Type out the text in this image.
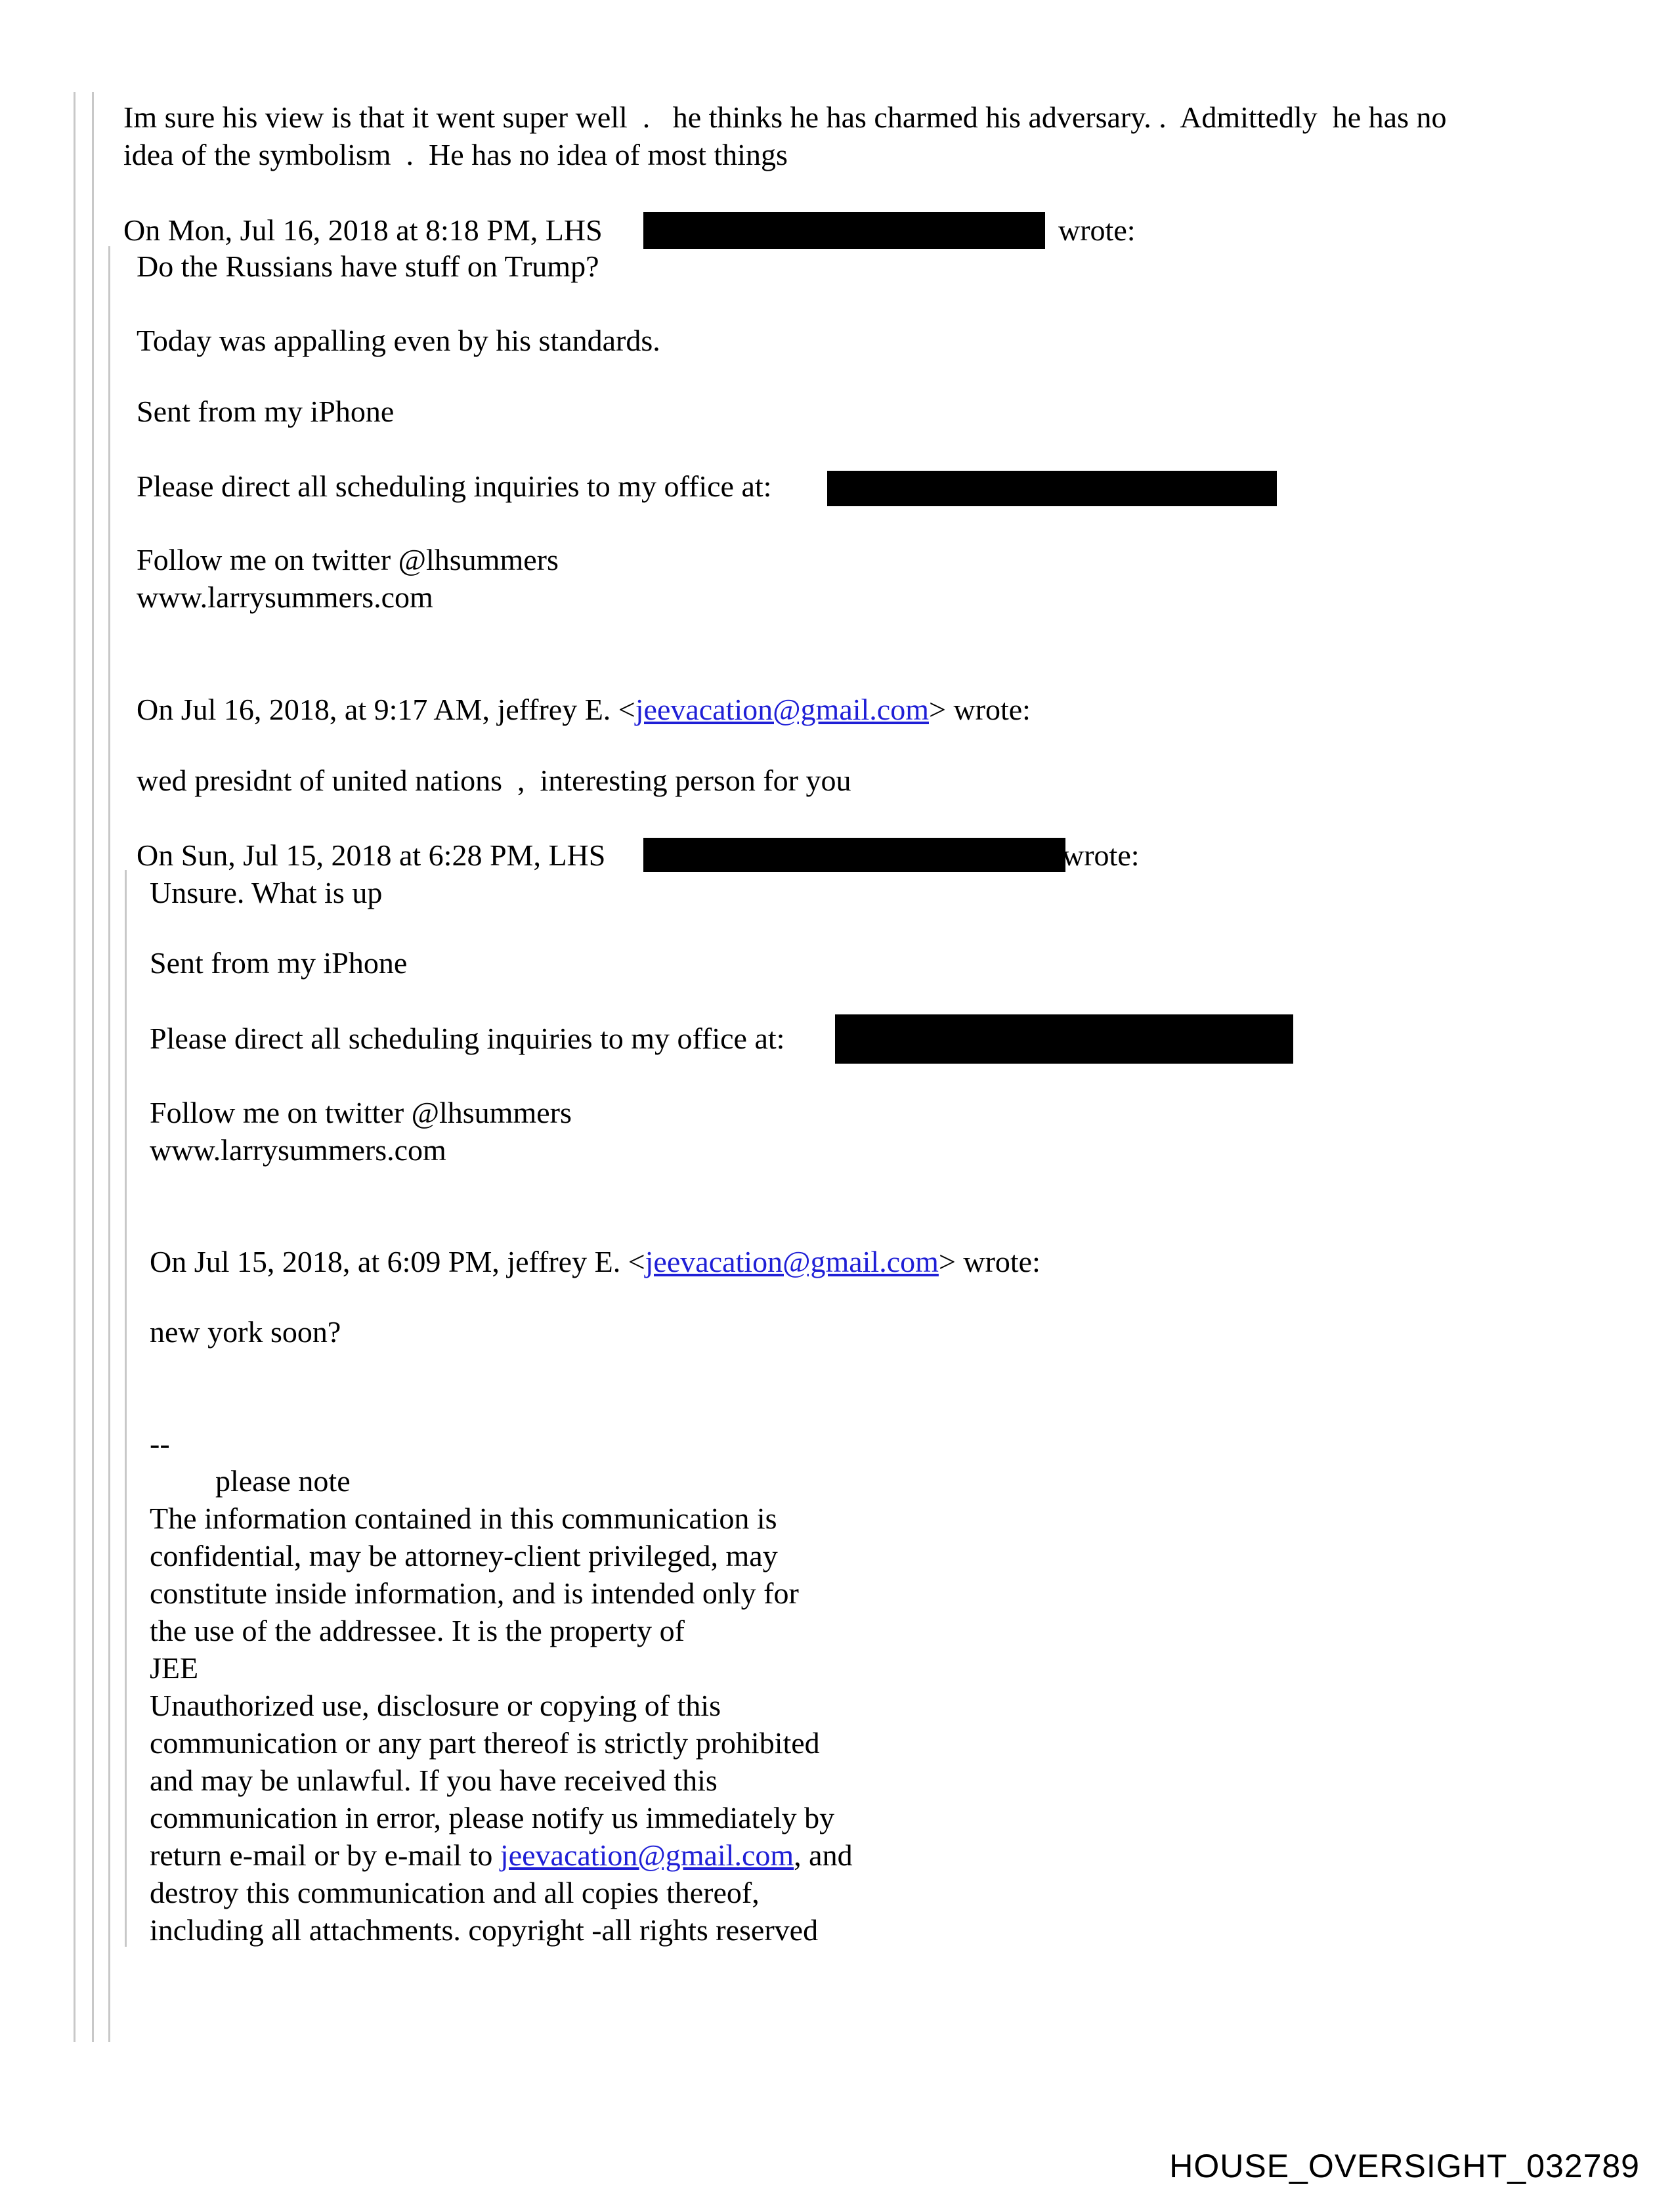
Im sure his view is that it went super well  .   he thinks he has charmed his adversary. .  Admittedly  he has no
idea of the symbolism  .  He has no idea of most things
On Mon, Jul 16, 2018 at 8:18 PM, LHS	wrote:
Do the Russians have stuff on Trump?
Today was appalling even by his standards.
Sent from my iPhone
Please direct all scheduling inquiries to my office at:
Follow me on twitter @lhsummers
www.larrysummers.com
On Jul 16, 2018, at 9:17 AM, jeffrey E. <jeevacation@gmail.com> wrote:
wed presidnt of united nations  ,  interesting person for you
On Sun, Jul 15, 2018 at 6:28 PM, LHS	wrote:
Unsure. What is up
Sent from my iPhone
Please direct all scheduling inquiries to my office at:
Follow me on twitter @lhsummers
www.larrysummers.com
On Jul 15, 2018, at 6:09 PM, jeffrey E. <jeevacation@gmail.com> wrote:
new york soon?
--
please note
The information contained in this communication is
confidential, may be attorney-client privileged, may
constitute inside information, and is intended only for
the use of the addressee. It is the property of
JEE
Unauthorized use, disclosure or copying of this
communication or any part thereof is strictly prohibited
and may be unlawful. If you have received this
communication in error, please notify us immediately by
return e-mail or by e-mail to jeevacation@gmail.com, and
destroy this communication and all copies thereof,
including all attachments. copyright -all rights reserved
HOUSE_OVERSIGHT_032789
